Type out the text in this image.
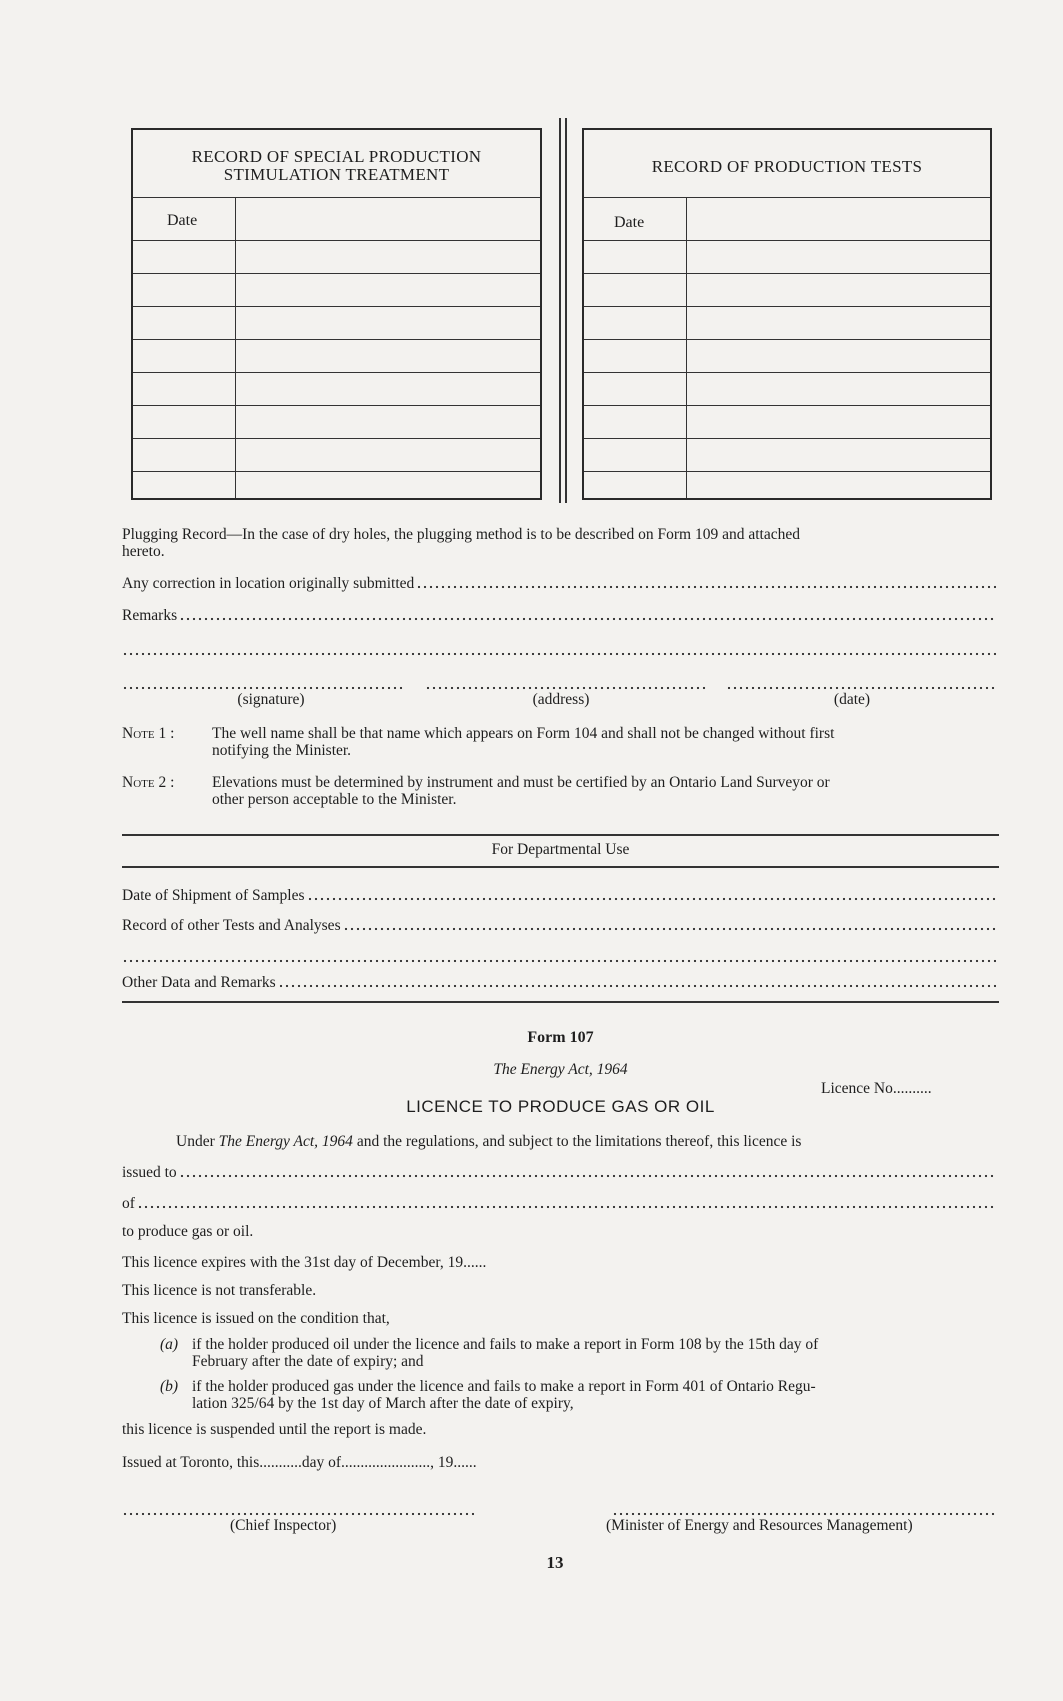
RECORD OF SPECIAL PRODUCTION
STIMULATION TREATMENT
Date
RECORD OF PRODUCTION TESTS
Date
Plugging Record—In the case of dry holes, the plugging method is to be described on Form 109 and attached
hereto.
Any correction in location originally submitted
Remarks
(signature)	(address)	(date)
Note 1 : The well name shall be that name which appears on Form 104 and shall not be changed without first
notifying the Minister.
Note 2 : Elevations must be determined by instrument and must be certified by an Ontario Land Surveyor or
other person acceptable to the Minister.
For Departmental Use
Date of Shipment of Samples
Record of other Tests and Analyses
Other Data and Remarks
Form 107
The Energy Act, 1964
Licence No..........
LICENCE TO PRODUCE GAS OR OIL
Under The Energy Act, 1964 and the regulations, and subject to the limitations thereof, this licence is
issued to
of
to produce gas or oil.
This licence expires with the 31st day of December, 19......
This licence is not transferable.
This licence is issued on the condition that,
(a) if the holder produced oil under the licence and fails to make a report in Form 108 by the 15th day of
February after the date of expiry; and
(b) if the holder produced gas under the licence and fails to make a report in Form 401 of Ontario Regu-
lation 325/64 by the 1st day of March after the date of expiry,
this licence is suspended until the report is made.
Issued at Toronto, this...........day of......................., 19......
(Chief Inspector)	(Minister of Energy and Resources Management)
13
